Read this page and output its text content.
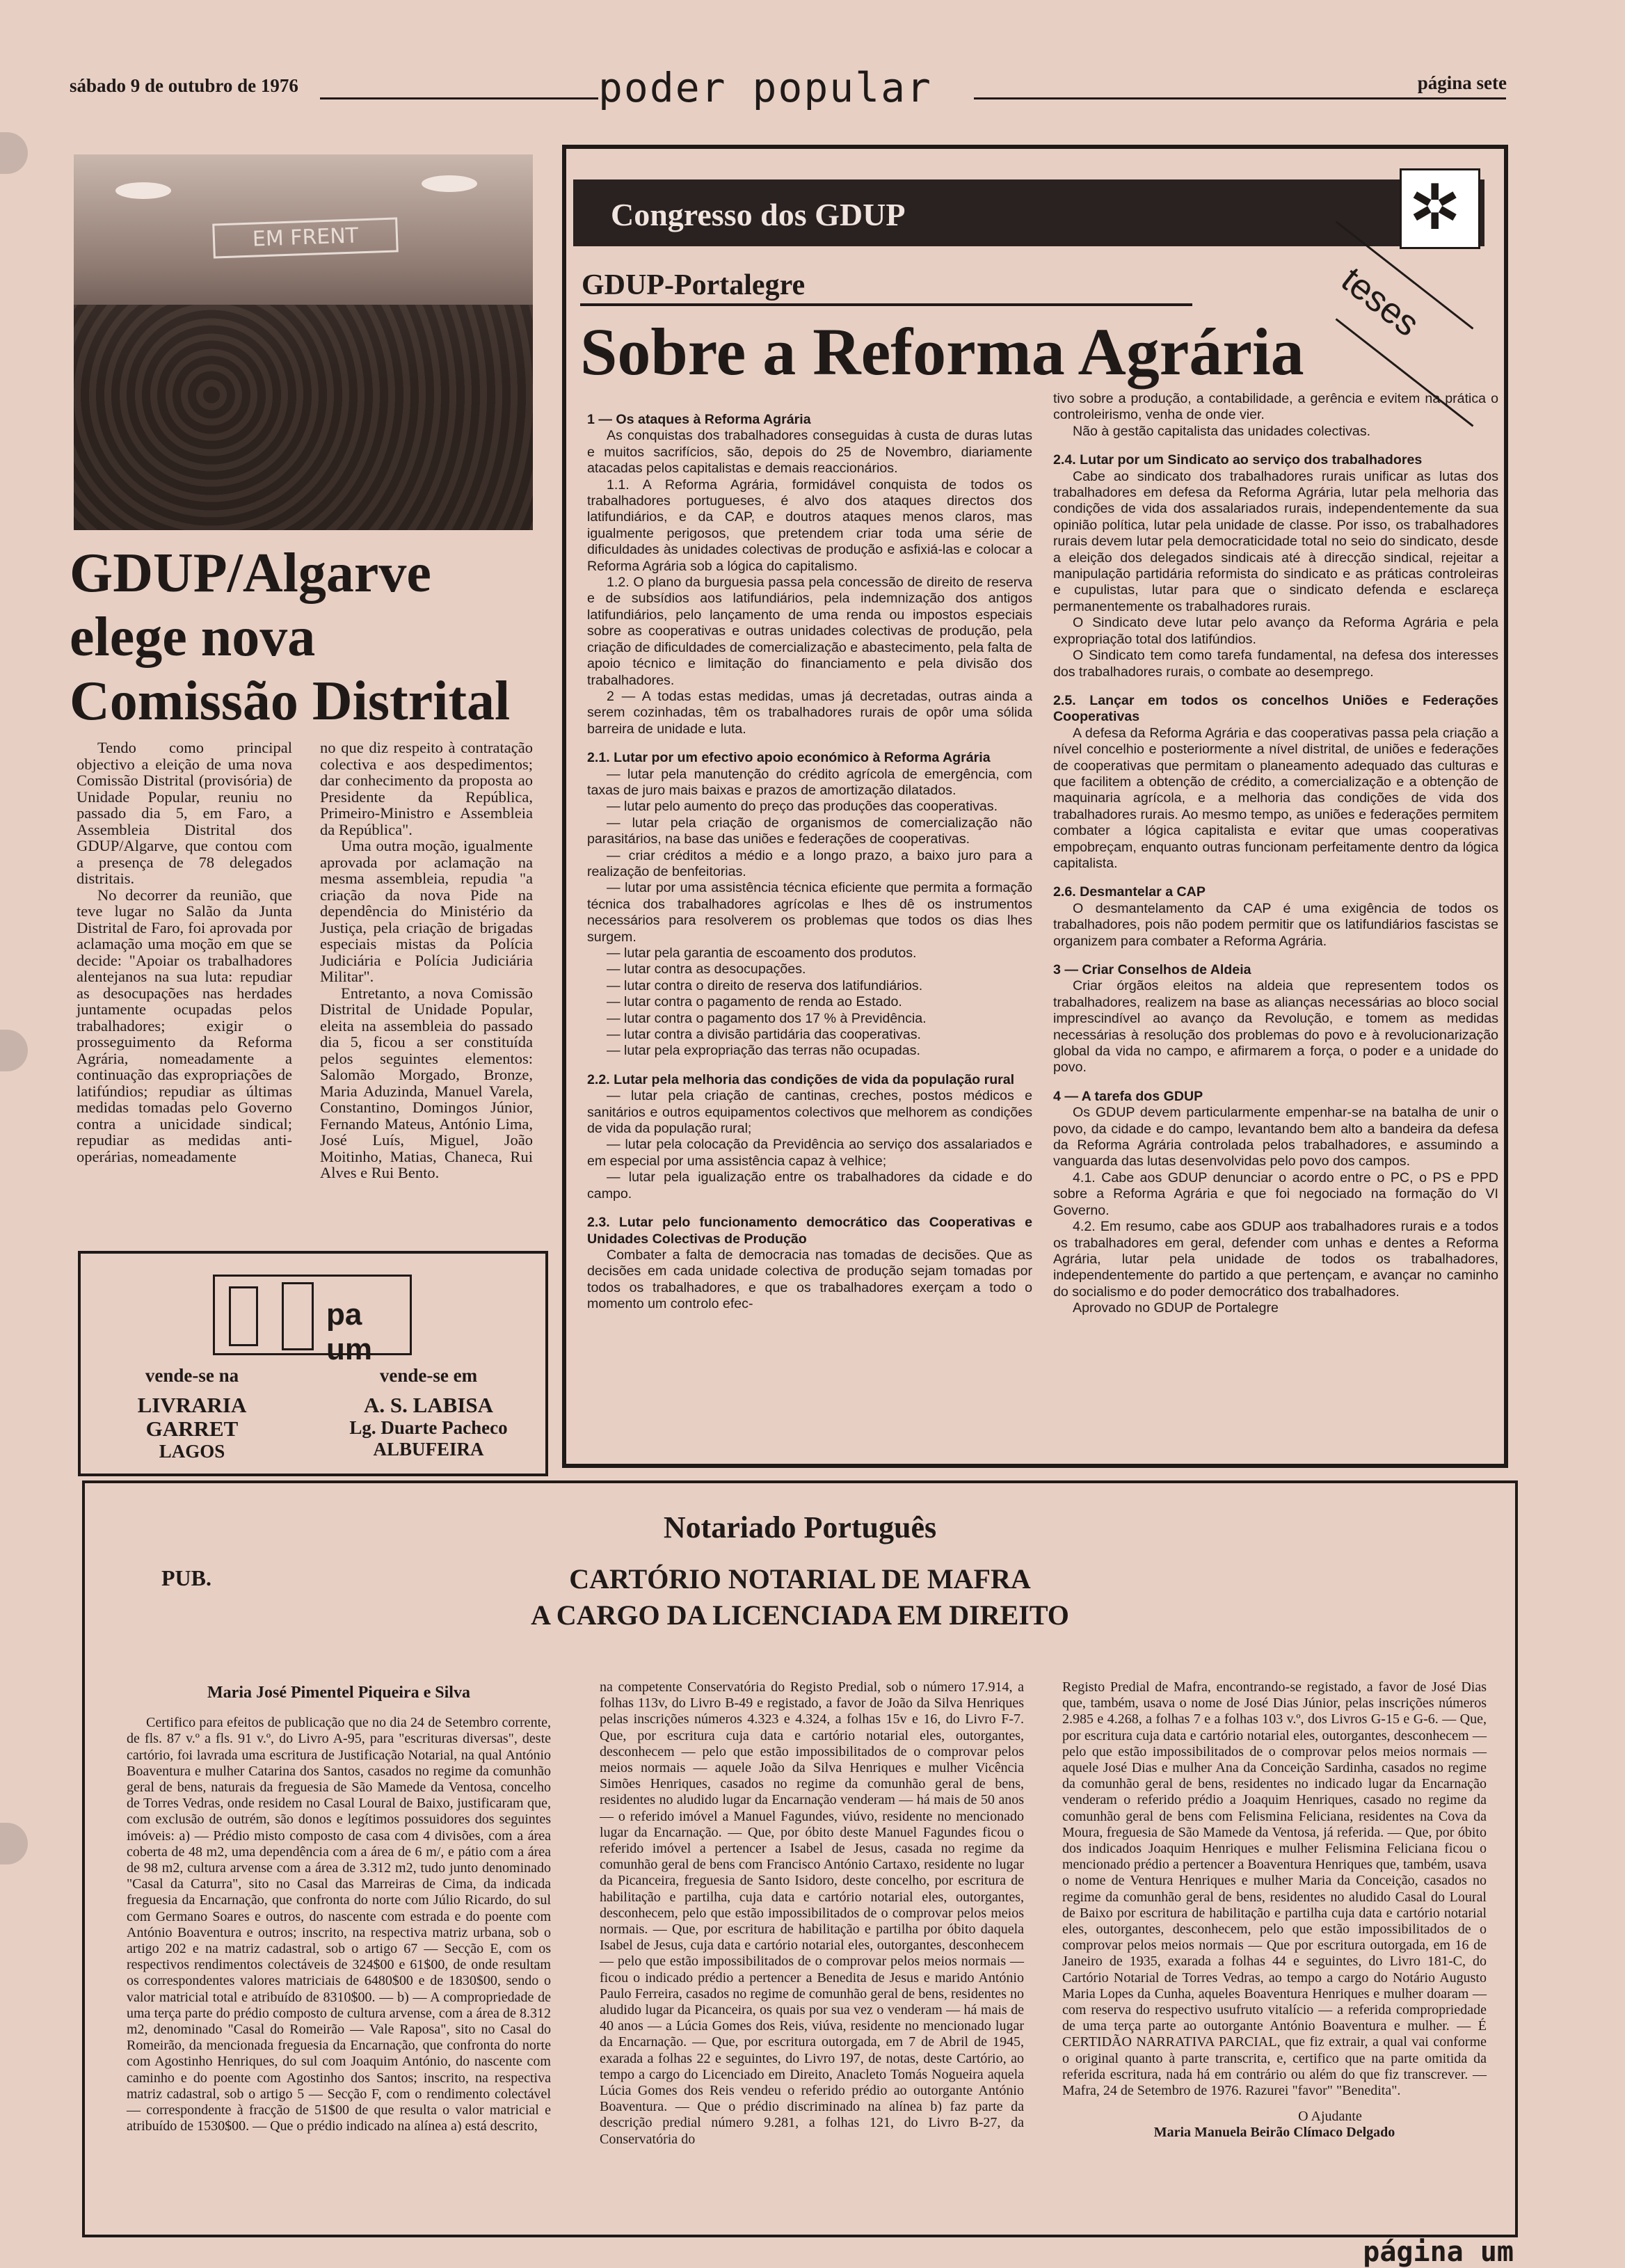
sábado 9 de outubro de 1976	poder popular	página sete
EM FRENT
GDUP/Algarve elege nova Comissão Distrital

Tendo como principal objectivo a eleição de uma nova Comissão Distrital (provisória) de Unidade Popular, reuniu no passado dia 5, em Faro, a Assembleia Distrital dos GDUP/Algarve, que contou com a presença de 78 delegados distritais.

No decorrer da reunião, que teve lugar no Salão da Junta Distrital de Faro, foi aprovada por aclamação uma moção em que se decide: "Apoiar os trabalhadores alentejanos na sua luta: repudiar as desocupações nas herdades juntamente ocupadas pelos trabalhadores; exigir o prosseguimento da Reforma Agrária, nomeadamente a continuação das expropriações de latifúndios; repudiar as últimas medidas tomadas pelo Governo contra a unicidade sindical; repudiar as medidas anti-operárias, nomeadamente

no que diz respeito à contratação colectiva e aos despedimentos; dar conhecimento da proposta ao Presidente da República, Primeiro-Ministro e Assembleia da República".

Uma outra moção, igualmente aprovada por aclamação na mesma assembleia, repudia "a criação da nova Pide na dependência do Ministério da Justiça, pela criação de brigadas especiais mistas da Polícia Judiciária e Polícia Judiciária Militar".

Entretanto, a nova Comissão Distrital de Unidade Popular, eleita na assembleia do passado dia 5, ficou a ser constituída pelos seguintes elementos: Salomão Morgado, Bronze, Maria Aduzinda, Manuel Varela, Constantino, Domingos Júnior, Fernando Mateus, António Lima, José Luís, Miguel, João Moitinho, Matias, Chaneca, Rui Alves e Rui Bento.

pa um
vende-se na
LIVRARIA
GARRET
LAGOS
vende-se em
A. S. LABISA
Lg. Duarte Pacheco
ALBUFEIRA
Congresso dos GDUP	✲
GDUP-Portalegre	teses
Sobre a Reforma Agrária

1 — Os ataques à Reforma Agrária

As conquistas dos trabalhadores conseguidas à custa de duras lutas e muitos sacrifícios, são, depois do 25 de Novembro, diariamente atacadas pelos capitalistas e demais reaccionários.

1.1. A Reforma Agrária, formidável conquista de todos os trabalhadores portugueses, é alvo dos ataques directos dos latifundiários, e da CAP, e doutros ataques menos claros, mas igualmente perigosos, que pretendem criar toda uma série de dificuldades às unidades colectivas de produção e asfixiá-las e colocar a Reforma Agrária sob a lógica do capitalismo.

1.2. O plano da burguesia passa pela concessão de direito de reserva e de subsídios aos latifundiários, pela indemnização dos antigos latifundiários, pelo lançamento de uma renda ou impostos especiais sobre as cooperativas e outras unidades colectivas de produção, pela criação de dificuldades de comercialização e abastecimento, pela falta de apoio técnico e limitação do financiamento e pela divisão dos trabalhadores.

2 — A todas estas medidas, umas já decretadas, outras ainda a serem cozinhadas, têm os trabalhadores rurais de opôr uma sólida barreira de unidade e luta.

2.1. Lutar por um efectivo apoio económico à Reforma Agrária

— lutar pela manutenção do crédito agrícola de emergência, com taxas de juro mais baixas e prazos de amortização dilatados.

— lutar pelo aumento do preço das produções das cooperativas.

— lutar pela criação de organismos de comercialização não parasitários, na base das uniões e federações de cooperativas.

— criar créditos a médio e a longo prazo, a baixo juro para a realização de benfeitorias.

— lutar por uma assistência técnica eficiente que permita a formação técnica dos trabalhadores agrícolas e lhes dê os instrumentos necessários para resolverem os problemas que todos os dias lhes surgem.

— lutar pela garantia de escoamento dos produtos.

— lutar contra as desocupações.

— lutar contra o direito de reserva dos latifundiários.

— lutar contra o pagamento de renda ao Estado.

— lutar contra o pagamento dos 17 % à Previdência.

— lutar contra a divisão partidária das cooperativas.

— lutar pela expropriação das terras não ocupadas.

2.2. Lutar pela melhoria das condições de vida da população rural

— lutar pela criação de cantinas, creches, postos médicos e sanitários e outros equipamentos colectivos que melhorem as condições de vida da população rural;

— lutar pela colocação da Previdência ao serviço dos assalariados e em especial por uma assistência capaz à velhice;

— lutar pela igualização entre os trabalhadores da cidade e do campo.

2.3. Lutar pelo funcionamento democrático das Cooperativas e Unidades Colectivas de Produção

Combater a falta de democracia nas tomadas de decisões. Que as decisões em cada unidade colectiva de produção sejam tomadas por todos os trabalhadores, e que os trabalhadores exerçam a todo o momento um controlo efec-

tivo sobre a produção, a contabilidade, a gerência e evitem na prática o controleirismo, venha de onde vier.

Não à gestão capitalista das unidades colectivas.

2.4. Lutar por um Sindicato ao serviço dos trabalhadores

Cabe ao sindicato dos trabalhadores rurais unificar as lutas dos trabalhadores em defesa da Reforma Agrária, lutar pela melhoria das condições de vida dos assalariados rurais, independentemente da sua opinião política, lutar pela unidade de classe. Por isso, os trabalhadores rurais devem lutar pela democraticidade total no seio do sindicato, desde a eleição dos delegados sindicais até à direcção sindical, rejeitar a manipulação partidária reformista do sindicato e as práticas controleiras e cupulistas, lutar para que o sindicato defenda e esclareça permanentemente os trabalhadores rurais.

O Sindicato deve lutar pelo avanço da Reforma Agrária e pela expropriação total dos latifúndios.

O Sindicato tem como tarefa fundamental, na defesa dos interesses dos trabalhadores rurais, o combate ao desemprego.

2.5. Lançar em todos os concelhos Uniões e Federações Cooperativas

A defesa da Reforma Agrária e das cooperativas passa pela criação a nível concelhio e posteriormente a nível distrital, de uniões e federações de cooperativas que permitam o planeamento adequado das culturas e que facilitem a obtenção de crédito, a comercialização e a obtenção de maquinaria agrícola, e a melhoria das condições de vida dos trabalhadores rurais. Ao mesmo tempo, as uniões e federações permitem combater a lógica capitalista e evitar que umas cooperativas empobreçam, enquanto outras funcionam perfeitamente dentro da lógica capitalista.

2.6. Desmantelar a CAP

O desmantelamento da CAP é uma exigência de todos os trabalhadores, pois não podem permitir que os latifundiários fascistas se organizem para combater a Reforma Agrária.

3 — Criar Conselhos de Aldeia

Criar órgãos eleitos na aldeia que representem todos os trabalhadores, realizem na base as alianças necessárias ao bloco social imprescindível ao avanço da Revolução, e tomem as medidas necessárias à resolução dos problemas do povo e à revolucionarização global da vida no campo, e afirmarem a força, o poder e a unidade do povo.

4 — A tarefa dos GDUP

Os GDUP devem particularmente empenhar-se na batalha de unir o povo, da cidade e do campo, levantando bem alto a bandeira da defesa da Reforma Agrária controlada pelos trabalhadores, e assumindo a vanguarda das lutas desenvolvidas pelo povo dos campos.

4.1. Cabe aos GDUP denunciar o acordo entre o PC, o PS e PPD sobre a Reforma Agrária e que foi negociado na formação do VI Governo.

4.2. Em resumo, cabe aos GDUP aos trabalhadores rurais e a todos os trabalhadores em geral, defender com unhas e dentes a Reforma Agrária, lutar pela unidade de todos os trabalhadores, independentemente do partido a que pertençam, e avançar no caminho do socialismo e do poder democrático dos trabalhadores.

Aprovado no GDUP de Portalegre

Notariado Português
PUB.	CARTÓRIO NOTARIAL DE MAFRA
A CARGO DA LICENCIADA EM DIREITO

Maria José Pimentel Piqueira e Silva

Certifico para efeitos de publicação que no dia 24 de Setembro corrente, de fls. 87 v.º a fls. 91 v.º, do Livro A-95, para "escrituras diversas", deste cartório, foi lavrada uma escritura de Justificação Notarial, na qual António Boaventura e mulher Catarina dos Santos, casados no regime da comunhão geral de bens, naturais da freguesia de São Mamede da Ventosa, concelho de Torres Vedras, onde residem no Casal Loural de Baixo, justificaram que, com exclusão de outrém, são donos e legítimos possuidores dos seguintes imóveis: a) — Prédio misto composto de casa com 4 divisões, com a área coberta de 48 m2, uma dependência com a área de 6 m/, e pátio com a área de 98 m2, cultura arvense com a área de 3.312 m2, tudo junto denominado "Casal da Caturra", sito no Casal das Marreiras de Cima, da indicada freguesia da Encarnação, que confronta do norte com Júlio Ricardo, do sul com Germano Soares e outros, do nascente com estrada e do poente com António Boaventura e outros; inscrito, na respectiva matriz urbana, sob o artigo 202 e na matriz cadastral, sob o artigo 67 — Secção E, com os respectivos rendimentos colectáveis de 324$00 e 61$00, de onde resultam os correspondentes valores matriciais de 6480$00 e de 1830$00, sendo o valor matricial total e atribuído de 8310$00. — b) — A compropriedade de uma terça parte do prédio composto de cultura arvense, com a área de 8.312 m2, denominado "Casal do Romeirão — Vale Raposa", sito no Casal do Romeirão, da mencionada freguesia da Encarnação, que confronta do norte com Agostinho Henriques, do sul com Joaquim António, do nascente com caminho e do poente com Agostinho dos Santos; inscrito, na respectiva matriz cadastral, sob o artigo 5 — Secção F, com o rendimento colectável — correspondente à fracção de 51$00 de que resulta o valor matricial e atribuído de 1530$00. — Que o prédio indicado na alínea a) está descrito,

na competente Conservatória do Registo Predial, sob o número 17.914, a folhas 113v, do Livro B-49 e registado, a favor de João da Silva Henriques pelas inscrições números 4.323 e 4.324, a folhas 15v e 16, do Livro F-7. Que, por escritura cuja data e cartório notarial eles, outorgantes, desconhecem — pelo que estão impossibilitados de o comprovar pelos meios normais — aquele João da Silva Henriques e mulher Vicência Simões Henriques, casados no regime da comunhão geral de bens, residentes no aludido lugar da Encarnação venderam — há mais de 50 anos — o referido imóvel a Manuel Fagundes, viúvo, residente no mencionado lugar da Encarnação. — Que, por óbito deste Manuel Fagundes ficou o referido imóvel a pertencer a Isabel de Jesus, casada no regime da comunhão geral de bens com Francisco António Cartaxo, residente no lugar da Picanceira, freguesia de Santo Isidoro, deste concelho, por escritura de habilitação e partilha, cuja data e cartório notarial eles, outorgantes, desconhecem, pelo que estão impossibilitados de o comprovar pelos meios normais. — Que, por escritura de habilitação e partilha por óbito daquela Isabel de Jesus, cuja data e cartório notarial eles, outorgantes, desconhecem — pelo que estão impossibilitados de o comprovar pelos meios normais — ficou o indicado prédio a pertencer a Benedita de Jesus e marido António Paulo Ferreira, casados no regime de comunhão geral de bens, residentes no aludido lugar da Picanceira, os quais por sua vez o venderam — há mais de 40 anos — a Lúcia Gomes dos Reis, viúva, residente no mencionado lugar da Encarnação. — Que, por escritura outorgada, em 7 de Abril de 1945, exarada a folhas 22 e seguintes, do Livro 197, de notas, deste Cartório, ao tempo a cargo do Licenciado em Direito, Anacleto Tomás Nogueira aquela Lúcia Gomes dos Reis vendeu o referido prédio ao outorgante António Boaventura. — Que o prédio discriminado na alínea b) faz parte da descrição predial número 9.281, a folhas 121, do Livro B-27, da Conservatória do

Registo Predial de Mafra, encontrando-se registado, a favor de José Dias que, também, usava o nome de José Dias Júnior, pelas inscrições números 2.985 e 4.268, a folhas 7 e a folhas 103 v.º, dos Livros G-15 e G-6. — Que, por escritura cuja data e cartório notarial eles, outorgantes, desconhecem — pelo que estão impossibilitados de o comprovar pelos meios normais — aquele José Dias e mulher Ana da Conceição Sardinha, casados no regime da comunhão geral de bens, residentes no indicado lugar da Encarnação venderam o referido prédio a Joaquim Henriques, casado no regime da comunhão geral de bens com Felismina Feliciana, residentes na Cova da Moura, freguesia de São Mamede da Ventosa, já referida. — Que, por óbito dos indicados Joaquim Henriques e mulher Felismina Feliciana ficou o mencionado prédio a pertencer a Boaventura Henriques que, também, usava o nome de Ventura Henriques e mulher Maria da Conceição, casados no regime da comunhão geral de bens, residentes no aludido Casal do Loural de Baixo por escritura de habilitação e partilha cuja data e cartório notarial eles, outorgantes, desconhecem, pelo que estão impossibilitados de o comprovar pelos meios normais — Que por escritura outorgada, em 16 de Janeiro de 1935, exarada a folhas 44 e seguintes, do Livro 181-C, do Cartório Notarial de Torres Vedras, ao tempo a cargo do Notário Augusto Maria Lopes da Cunha, aqueles Boaventura Henriques e mulher doaram — com reserva do respectivo usufruto vitalício — a referida compropriedade de uma terça parte ao outorgante António Boaventura e mulher. — É CERTIDÃO NARRATIVA PARCIAL, que fiz extrair, a qual vai conforme o original quanto à parte transcrita, e, certifico que na parte omitida da referida escritura, nada há em contrário ou além do que fiz transcrever. — Mafra, 24 de Setembro de 1976. Razurei "favor" "Benedita".

O Ajudante

Maria Manuela Beirão Clímaco Delgado

página um
